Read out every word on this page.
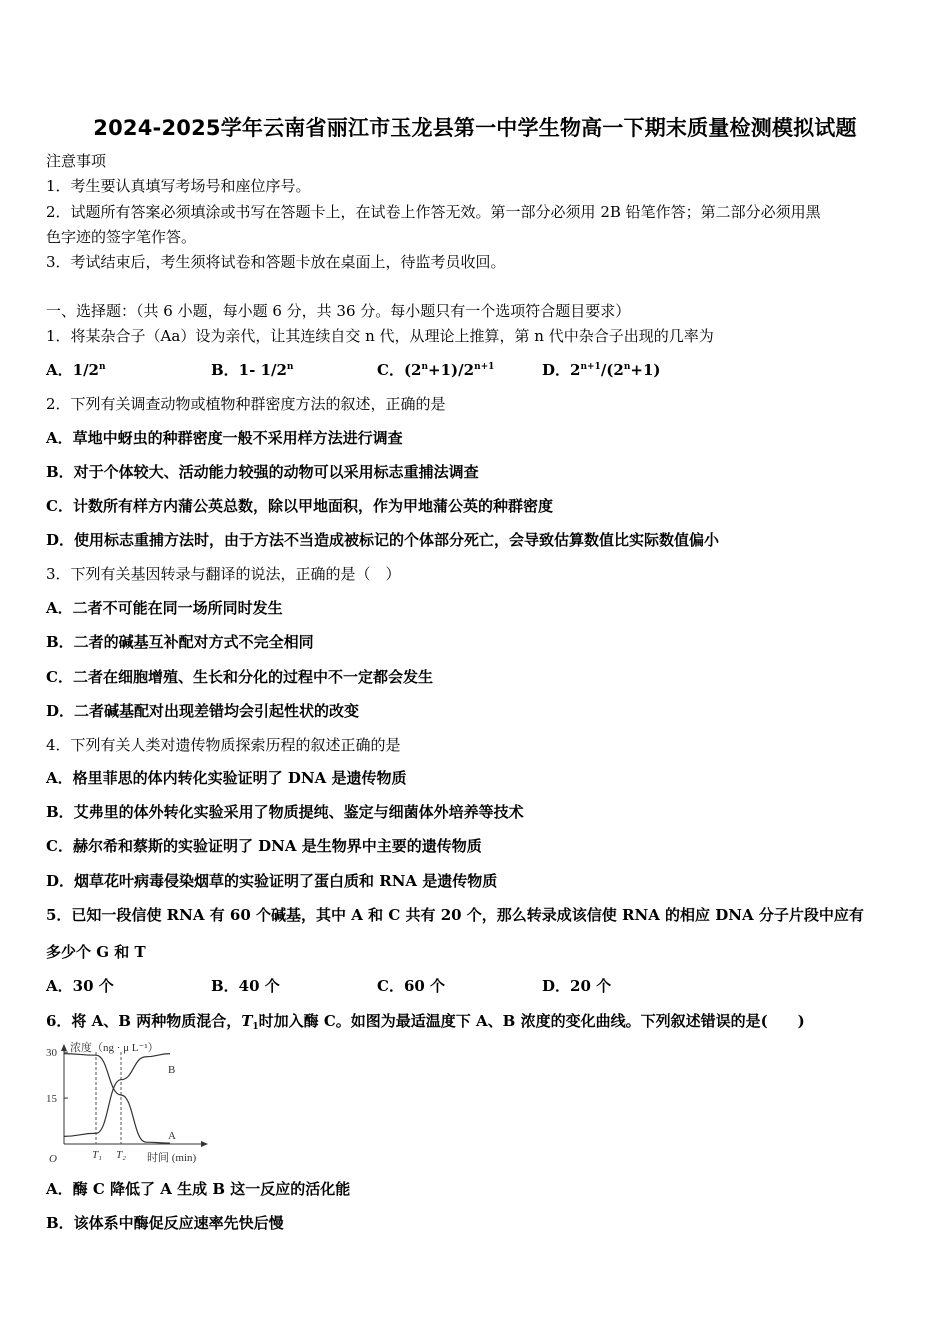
2024-2025学年云南省丽江市玉龙县第一中学生物高一下期末质量检测模拟试题
注意事项
1．考生要认真填写考场号和座位序号。
2．试题所有答案必须填涂或书写在答题卡上，在试卷上作答无效。第一部分必须用 2B 铅笔作答；第二部分必须用黑
色字迹的签字笔作答。
3．考试结束后，考生须将试卷和答题卡放在桌面上，待监考员收回。
一、选择题：（共 6 小题，每小题 6 分，共 36 分。每小题只有一个选项符合题目要求）
1．将某杂合子（Aa）设为亲代，让其连续自交 n 代，从理论上推算，第 n 代中杂合子出现的几率为
A．1/2$^n$	B．1- 1/2$^n$	C．$(2^n+1)/2^{n+1}$	D．$2^{n+1}/(2^n+1)$
2．下列有关调查动物或植物种群密度方法的叙述，正确的是
A．草地中蚜虫的种群密度一般不采用样方法进行调查
B．对于个体较大、活动能力较强的动物可以采用标志重捕法调查
C．计数所有样方内蒲公英总数，除以甲地面积，作为甲地蒲公英的种群密度
D．使用标志重捕方法时，由于方法不当造成被标记的个体部分死亡，会导致估算数值比实际数值偏小
3．下列有关基因转录与翻译的说法，正确的是（　）
A．二者不可能在同一场所同时发生
B．二者的碱基互补配对方式不完全相同
C．二者在细胞增殖、生长和分化的过程中不一定都会发生
D．二者碱基配对出现差错均会引起性状的改变
4．下列有关人类对遗传物质探索历程的叙述正确的是
A．格里菲思的体内转化实验证明了 DNA 是遗传物质
B．艾弗里的体外转化实验采用了物质提纯、鉴定与细菌体外培养等技术
C．赫尔希和蔡斯的实验证明了 DNA 是生物界中主要的遗传物质
D．烟草花叶病毒侵染烟草的实验证明了蛋白质和 RNA 是遗传物质
5．已知一段信使 RNA 有 60 个碱基，其中 A 和 C 共有 20 个，那么转录成该信使 RNA 的相应 DNA 分子片段中应有
多少个 G 和 T
A．30 个	B．40 个	C．60 个	D．20 个
6．将 A、B 两种物质混合，$T_1$时加入酶 C。如图为最适温度下 A、B 浓度的变化曲线。下列叙述错误的是(　　)
浓度（ng · μ L⁻¹）
时间 (min)
O
30
15
T₁ T₂
A
B
A．酶 C 降低了 A 生成 B 这一反应的活化能
B．该体系中酶促反应速率先快后慢
